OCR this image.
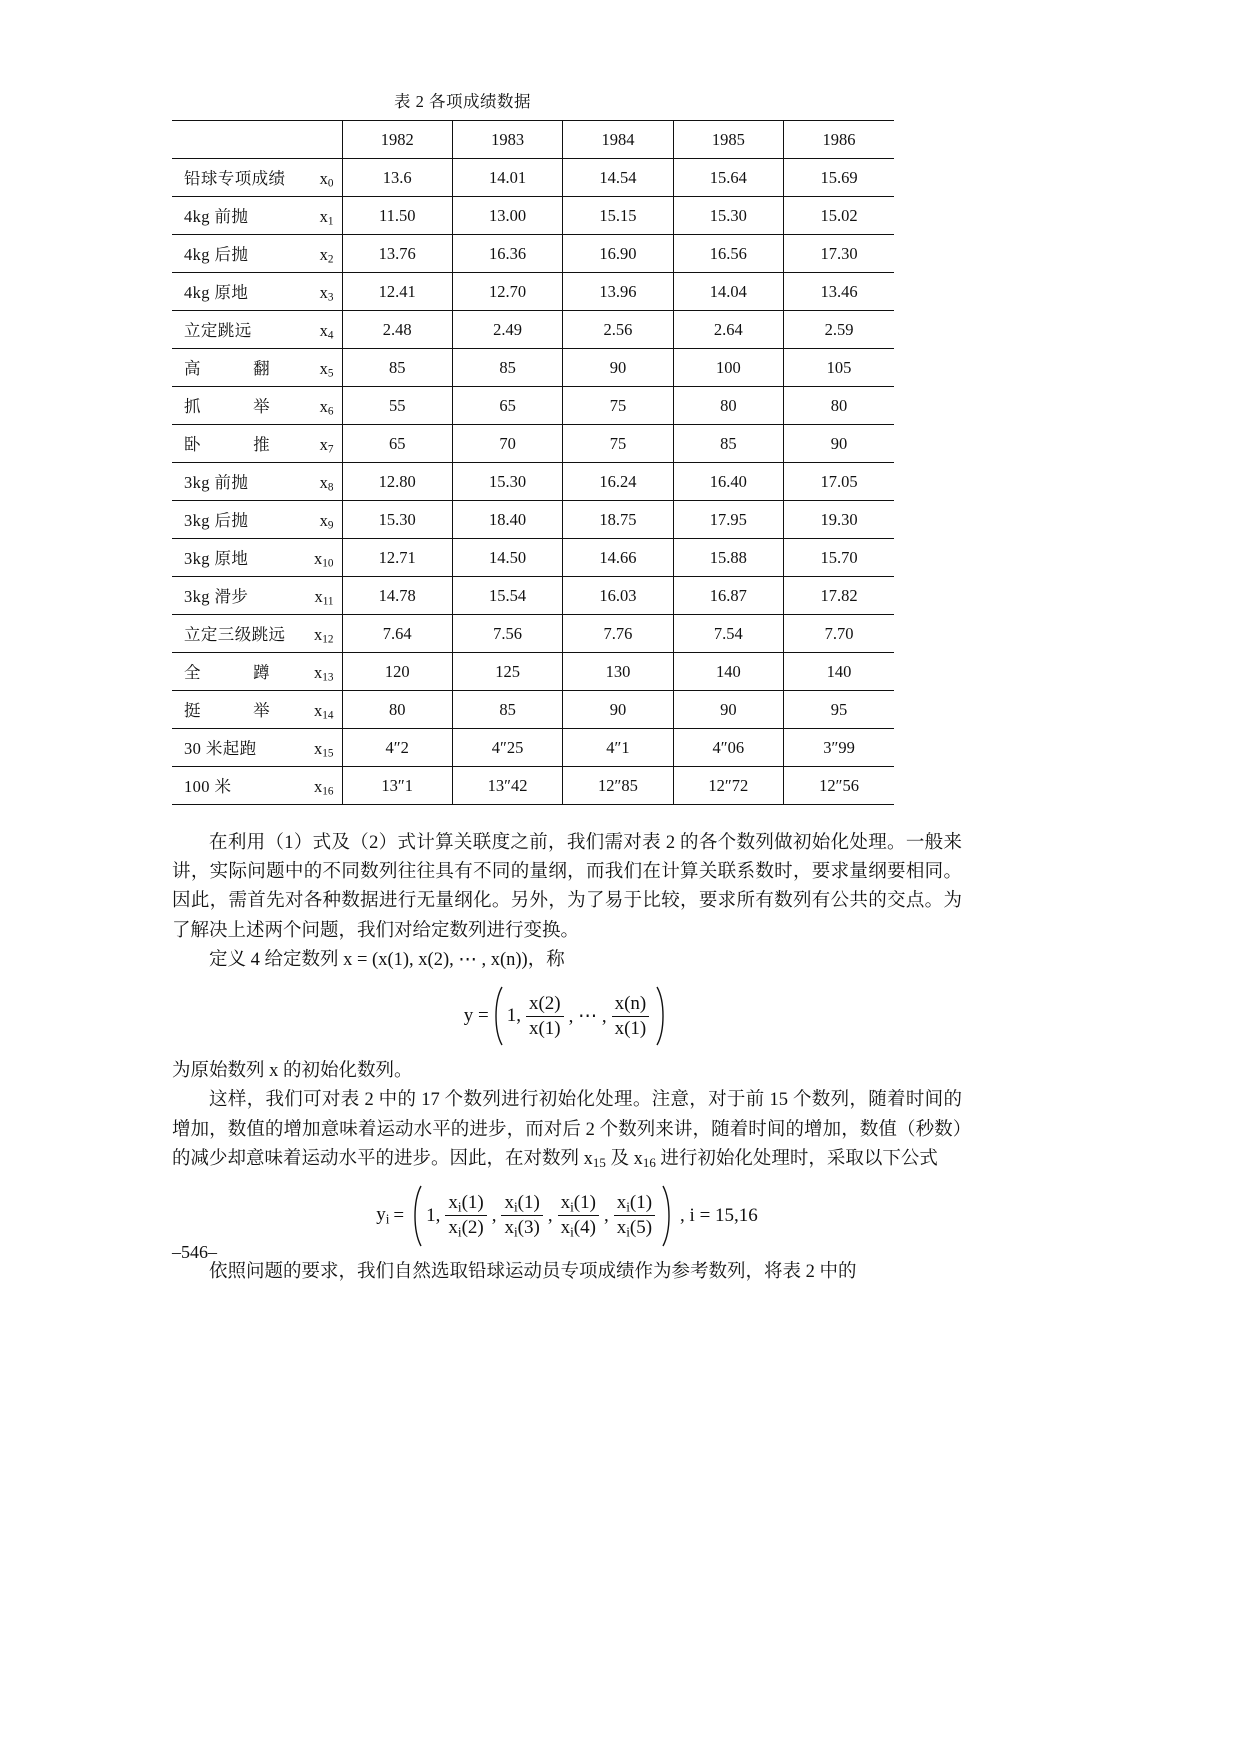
表 2 各项成绩数据
	1982	1983	1984	1985	1986

铅球专项成绩 $x_0$	13.6	14.01	14.54	15.64	15.69

4kg 前抛 $x_1$	11.50	13.00	15.15	15.30	15.02

4kg 后抛 $x_2$	13.76	16.36	16.90	16.56	17.30

4kg 原地 $x_3$	12.41	12.70	13.96	14.04	13.46

立定跳远 $x_4$	2.48	2.49	2.56	2.64	2.59

高翻 $x_5$	85	85	90	100	105

抓举 $x_6$	55	65	75	80	80

卧推 $x_7$	65	70	75	85	90

3kg 前抛 $x_8$	12.80	15.30	16.24	16.40	17.05

3kg 后抛 $x_9$	15.30	18.40	18.75	17.95	19.30

3kg 原地 $x_{10}$	12.71	14.50	14.66	15.88	15.70

3kg 滑步 $x_{11}$	14.78	15.54	16.03	16.87	17.82

立定三级跳远 $x_{12}$	7.64	7.56	7.76	7.54	7.70

全蹲 $x_{13}$	120	125	130	140	140

挺举 $x_{14}$	80	85	90	90	95

30 米起跑 $x_{15}$	4″2	4″25	4″1	4″06	3″99

100 米 $x_{16}$	13″1	13″42	12″85	12″72	12″56

在利用（1）式及（2）式计算关联度之前，我们需对表 2 的各个数列做初始化处理。一般来讲，实际问题中的不同数列往往具有不同的量纲，而我们在计算关联系数时，要求量纲要相同。因此，需首先对各种数据进行无量纲化。另外，为了易于比较，要求所有数列有公共的交点。为了解决上述两个问题，我们对给定数列进行变换。

定义 4 给定数列 x = (x(1), x(2), ⋯ , x(n))，称

y = 1, $\frac{x(2)}{x(1)}$ , ⋯ , $\frac{x(n)}{x(1)}$

为原始数列 x 的初始化数列。

这样，我们可对表 2 中的 17 个数列进行初始化处理。注意，对于前 15 个数列，随着时间的增加，数值的增加意味着运动水平的进步，而对后 2 个数列来讲，随着时间的增加，数值（秒数）的减少却意味着运动水平的进步。因此，在对数列 $x_{15}$ 及 $x_{16}$ 进行初始化处理时，采取以下公式

$y_i = 1$, $\frac{x_i(1)}{x_i(2)}$ , $\frac{x_i(1)}{x_i(3)}$ , $\frac{x_i(1)}{x_i(4)}$ , $\frac{x_i(1)}{x_i(5)}$ , i = 15,16

依照问题的要求，我们自然选取铅球运动员专项成绩作为参考数列，将表 2 中的

–546–
